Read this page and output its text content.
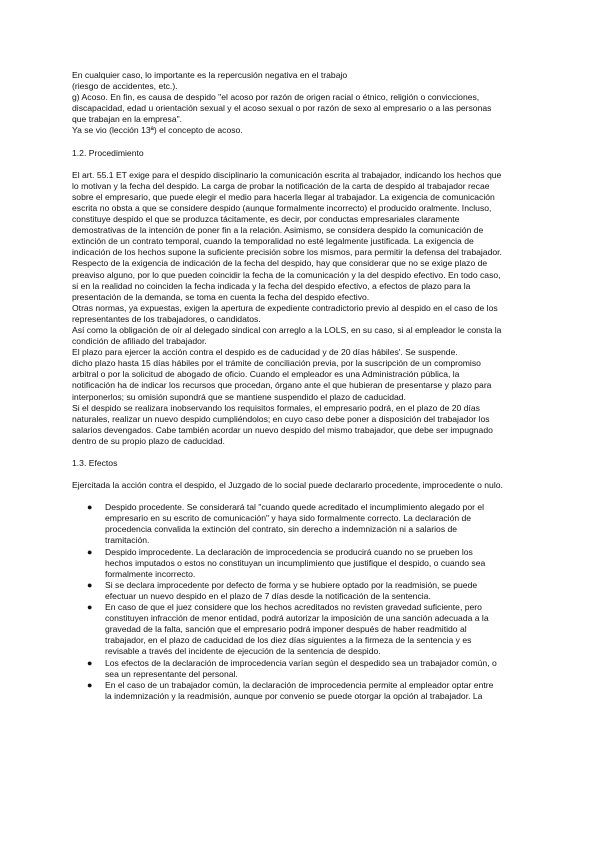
En cualquier caso, lo importante es la repercusión negativa en el trabajo

(riesgo de accidentes, etc.).

g) Acoso. En fin, es causa de despido "el acoso por razón de origen racial o étnico, religión o convicciones, discapacidad, edad u orientación sexual y el acoso sexual o por razón de sexo al empresario o a las personas que trabajan en la empresa".

Ya se vio (lección 13ª) el concepto de acoso.

1.2. Procedimiento

El art. 55.1 ET exige para el despido disciplinario la comunicación escrita al trabajador, indicando los hechos que lo motivan y la fecha del despido. La carga de probar la notificación de la carta de despido al trabajador recae sobre el empresario, que puede elegir el medio para hacerla llegar al trabajador. La exigencia de comunicación escrita no obsta a que se considere despido (aunque formalmente incorrecto) el producido oralmente. Incluso, constituye despido el que se produzca tácitamente, es decir, por conductas empresariales claramente demostrativas de la intención de poner fin a la relación. Asimismo, se considera despido la comunicación de extinción de un contrato temporal, cuando la temporalidad no esté legalmente justificada. La exigencia de indicación de los hechos supone la suficiente precisión sobre los mismos, para permitir la defensa del trabajador.

Respecto de la exigencia de indicación de la fecha del despido, hay que considerar que no se exige plazo de preaviso alguno, por lo que pueden coincidir la fecha de la comunicación y la del despido efectivo. En todo caso, si en la realidad no coinciden la fecha indicada y la fecha del despido efectivo, a efectos de plazo para la presentación de la demanda, se toma en cuenta la fecha del despido efectivo.

Otras normas, ya expuestas, exigen la apertura de expediente contradictorio previo al despido en el caso de los representantes de los trabajadores, o candidatos.

Así como la obligación de oír al delegado sindical con arreglo a la LOLS, en su caso, si al empleador le consta la condición de afiliado del trabajador.

El plazo para ejercer la acción contra el despido es de caducidad y de 20 días hábiles'. Se suspende.

dicho plazo hasta 15 días hábiles por el trámite de conciliación previa, por la suscripción de un compromiso arbitral o por la solicitud de abogado de oficio. Cuando el empleador es una Administración pública, la notificación ha de indicar los recursos que procedan, órgano ante el que hubieran de presentarse y plazo para interponerlos; su omisión supondrá que se mantiene suspendido el plazo de caducidad.

Si el despido se realizara inobservando los requisitos formales, el empresario podrá, en el plazo de 20 días naturales, realizar un nuevo despido cumpliéndolos; en cuyo caso debe poner a disposición del trabajador los salarios devengados. Cabe también acordar un nuevo despido del mismo trabajador, que debe ser impugnado dentro de su propio plazo de caducidad.

1.3. Efectos

Ejercitada la acción contra el despido, el Juzgado de lo social puede declararlo procedente, improcedente o nulo.

● Despido procedente. Se considerará tal "cuando quede acreditado el incumplimiento alegado por el empresario en su escrito de comunicación" y haya sido formalmente correcto. La declaración de procedencia convalida la extinción del contrato, sin derecho a indemnización ni a salarios de tramitación.
● Despido improcedente. La declaración de improcedencia se producirá cuando no se prueben los hechos imputados o estos no constituyan un incumplimiento que justifique el despido, o cuando sea formalmente incorrecto.
● Si se declara improcedente por defecto de forma y se hubiere optado por la readmisión, se puede efectuar un nuevo despido en el plazo de 7 días desde la notificación de la sentencia.
● En caso de que el juez considere que los hechos acreditados no revisten gravedad suficiente, pero constituyen infracción de menor entidad, podrá autorizar la imposición de una sanción adecuada a la gravedad de la falta, sanción que el empresario podrá imponer después de haber readmitido al trabajador, en el plazo de caducidad de los diez días siguientes a la firmeza de la sentencia y es revisable a través del incidente de ejecución de la sentencia de despido.
● Los efectos de la declaración de improcedencia varían según el despedido sea un trabajador común, o sea un representante del personal.
● En el caso de un trabajador común, la declaración de improcedencia permite al empleador optar entre la indemnización y la readmisión, aunque por convenio se puede otorgar la opción al trabajador. La
